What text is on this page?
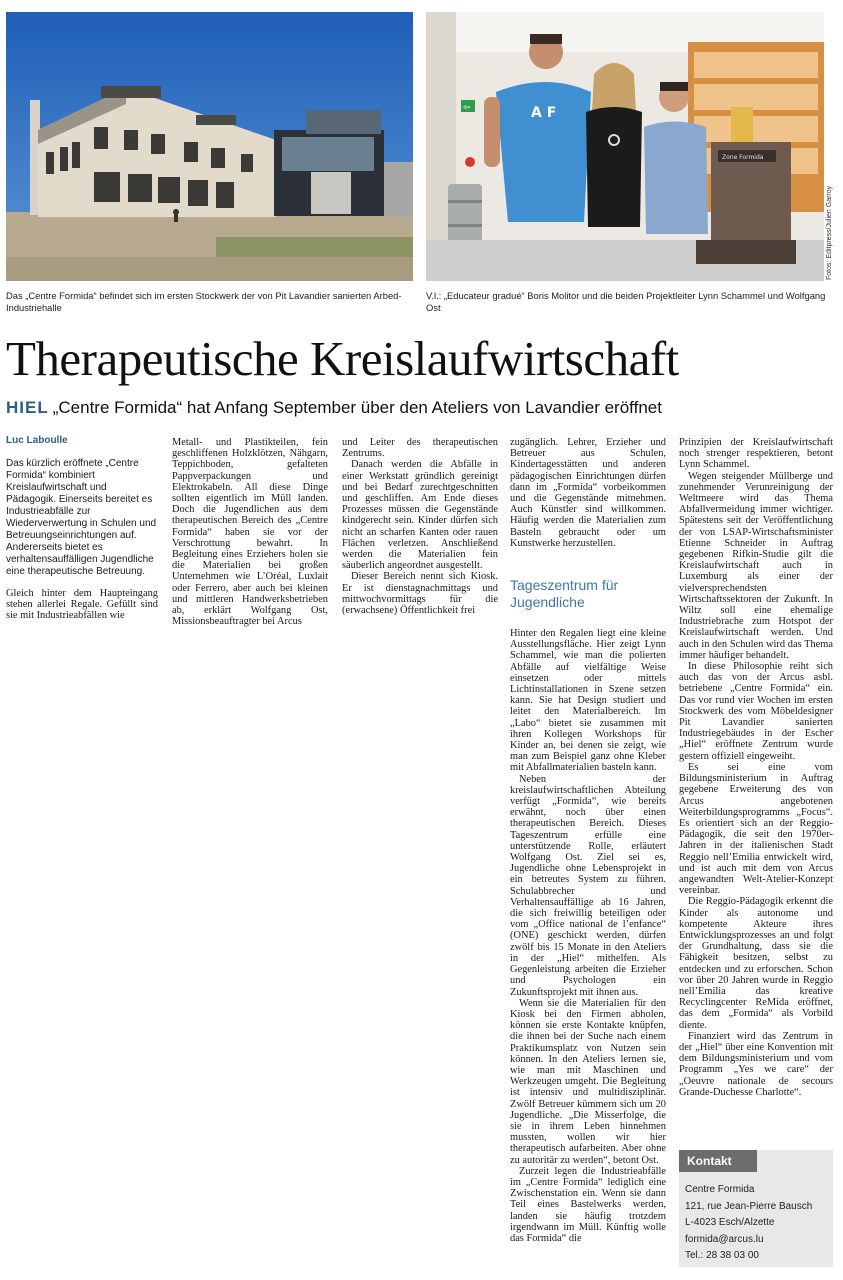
⇦	A F
Zone Formida
Fotos: Editpress/Julien Garroy
Das „Centre Formida“ befindet sich im ersten Stockwerk der von Pit Lavandier sanierten Arbed-Industriehalle
V.l.: „Educateur gradué“ Boris Molitor und die beiden Projektleiter Lynn Schammel und Wolfgang Ost
Therapeutische Kreislaufwirtschaft
HIEL „Centre Formida“ hat Anfang September über den Ateliers von Lavandier eröffnet
Luc Laboulle

Das kürzlich eröffnete „Centre Formida“ kombiniert Kreislaufwirtschaft und Pädagogik. Einerseits bereitet es Industrieabfälle zur Wiederverwertung in Schulen und Betreuungseinrichtungen auf. Andererseits bietet es verhaltensauffälligen Jugendliche eine therapeutische Betreuung.

Gleich hinter dem Haupteingang stehen allerlei Regale. Gefüllt sind sie mit Industrieabfällen wie

Metall- und Plastikteilen, fein geschliffenen Holzklötzen, Nähgarn, Teppichboden, gefalteten Pappverpackungen und Elektrokabeln. All diese Dinge sollten eigentlich im Müll landen. Doch die Jugendlichen aus dem therapeutischen Bereich des „Centre Formida“ haben sie vor der Verschrottung bewahrt. In Begleitung eines Erziehers holen sie die Materialien bei großen Unternehmen wie L’Oréal, Luxlait oder Ferrero, aber auch bei kleinen und mittleren Handwerksbetrieben ab, erklärt Wolfgang Ost, Missionsbeauftragter bei Arcus

und Leiter des therapeutischen Zentrums.

Danach werden die Abfälle in einer Werkstatt gründlich gereinigt und bei Bedarf zurechtgeschnitten und geschliffen. Am Ende dieses Prozesses müssen die Gegenstände kindgerecht sein. Kinder dürfen sich nicht an scharfen Kanten oder rauen Flächen verletzen. Anschließend werden die Materialien fein säuberlich angeordnet ausgestellt.

Dieser Bereich nennt sich Kiosk. Er ist dienstagnachmittags und mittwochvormittags für die (erwachsene) Öffentlichkeit frei

zugänglich. Lehrer, Erzieher und Betreuer aus Schulen, Kindertagesstätten und anderen pädagogischen Einrichtungen dürfen dann im „Formida“ vorbeikommen und die Gegenstände mitnehmen. Auch Künstler sind willkommen. Häufig werden die Materialien zum Basteln gebraucht oder um Kunstwerke herzustellen.

Tageszentrum für Jugendliche

Hinter den Regalen liegt eine kleine Ausstellungsfläche. Hier zeigt Lynn Schammel, wie man die polierten Abfälle auf vielfältige Weise einsetzen oder mittels Lichtinstallationen in Szene setzen kann. Sie hat Design studiert und leitet den Materialbereich. Im „Labo“ bietet sie zusammen mit ihren Kollegen Workshops für Kinder an, bei denen sie zeigt, wie man zum Beispiel ganz ohne Kleber mit Abfallmaterialien basteln kann.

Neben der kreislaufwirtschaftlichen Abteilung verfügt „Formida“, wie bereits erwähnt, noch über einen therapeutischen Bereich. Dieses Tageszentrum erfülle eine unterstützende Rolle, erläutert Wolfgang Ost. Ziel sei es, Jugendliche ohne Lebensprojekt in ein betreutes System zu führen. Schulabbrecher und Verhaltensauffällige ab 16 Jahren, die sich freiwillig beteiligen oder vom „Office national de l’enfance“ (ONE) geschickt werden, dürfen zwölf bis 15 Monate in den Ateliers in der „Hiel“ mithelfen. Als Gegenleistung arbeiten die Erzieher und Psychologen ein Zukunftsprojekt mit ihnen aus.

Wenn sie die Materialien für den Kiosk bei den Firmen abholen, können sie erste Kontakte knüpfen, die ihnen bei der Suche nach einem Praktikumsplatz von Nutzen sein können. In den Ateliers lernen sie, wie man mit Maschinen und Werkzeugen umgeht. Die Begleitung ist intensiv und multidisziplinär. Zwölf Betreuer kümmern sich um 20 Jugendliche. „Die Misserfolge, die sie in ihrem Leben hinnehmen mussten, wollen wir hier therapeutisch aufarbeiten. Aber ohne zu autoritär zu werden“, betont Ost.

Zurzeit legen die Industrieabfälle im „Centre Formida“ lediglich eine Zwischenstation ein. Wenn sie dann Teil eines Bastelwerks werden, landen sie häufig trotzdem irgendwann im Müll. Künftig wolle das Formida“ die

Prinzipien der Kreislaufwirtschaft noch strenger respektieren, betont Lynn Schammel.

Wegen steigender Müllberge und zunehmender Verunreinigung der Weltmeere wird das Thema Abfallvermeidung immer wichtiger. Spätestens seit der Veröffentlichung der von LSAP-Wirtschaftsminister Etienne Schneider in Auftrag gegebenen Rifkin-Studie gilt die Kreislaufwirtschaft auch in Luxemburg als einer der vielversprechendsten Wirtschaftssektoren der Zukunft. In Wiltz soll eine ehemalige Industriebrache zum Hotspot der Kreislaufwirtschaft werden. Und auch in den Schulen wird das Thema immer häufiger behandelt.

In diese Philosophie reiht sich auch das von der Arcus asbl. betriebene „Centre Formida“ ein. Das vor rund vier Wochen im ersten Stockwerk des vom Möbeldesigner Pit Lavandier sanierten Industriegebäudes in der Escher „Hiel“ eröffnete Zentrum wurde gestern offiziell eingeweiht.

Es sei eine vom Bildungsministerium in Auftrag gegebene Erweiterung des von Arcus angebotenen Weiterbildungsprogramms „Focus“. Es orientiert sich an der Reggio-Pädagogik, die seit den 1970er-Jahren in der italienischen Stadt Reggio nell’Emilia entwickelt wird, und ist auch mit dem von Arcus angewandten Welt-Atelier-Konzept vereinbar.

Die Reggio-Pädagogik erkennt die Kinder als autonome und kompetente Akteure ihres Entwicklungsprozesses an und folgt der Grundhaltung, dass sie die Fähigkeit besitzen, selbst zu entdecken und zu erforschen. Schon vor über 20 Jahren wurde in Reggio nell’Emilia das kreative Recyclingcenter ReMida eröffnet, das dem „Formida“ als Vorbild diente.

Finanziert wird das Zentrum in der „Hiel“ über eine Konvention mit dem Bildungsministerium und vom Programm „Yes we care“ der „Oeuvre nationale de secours Grande-Duchesse Charlotte“.

Kontakt
Centre Formida
121, rue Jean-Pierre Bausch
L-4023 Esch/Alzette
formida@arcus.lu
Tel.: 28 38 03 00
